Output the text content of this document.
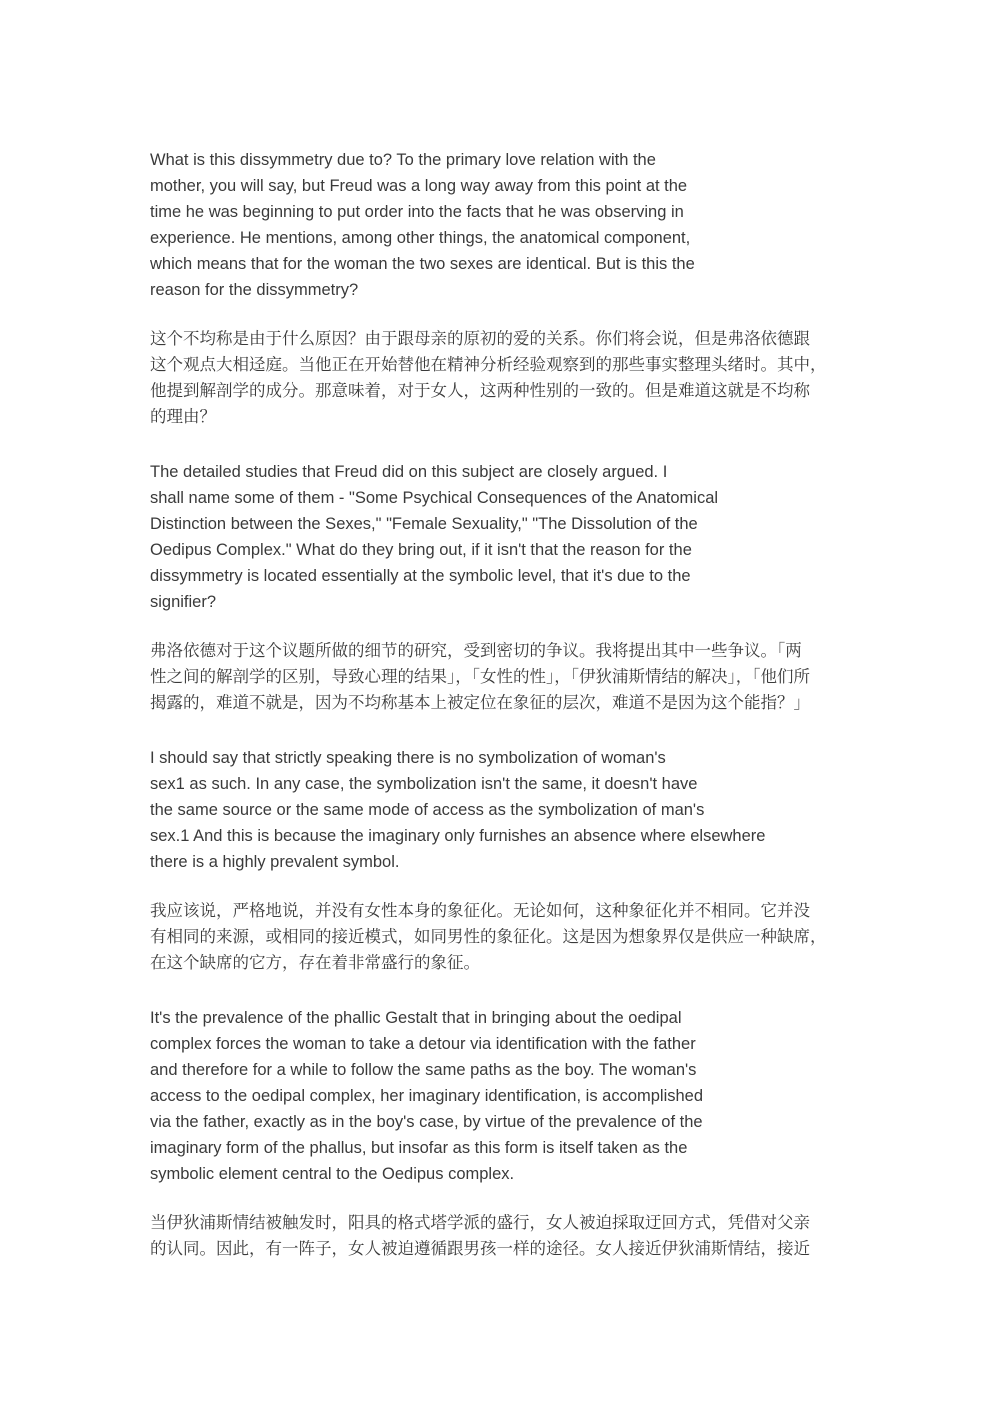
What is this dissymmetry due to? To the primary love relation with the
mother, you will say, but Freud was a long way away from this point at the
time he was beginning to put order into the facts that he was observing in
experience. He mentions, among other things, the anatomical component,
which means that for the woman the two sexes are identical. But is this the
reason for the dissymmetry?
这个不均称是由于什么原因？由于跟母亲的原初的爱的关系。你们将会说，但是弗洛依德跟
这个观点大相迳庭。当他正在开始替他在精神分析经验观察到的那些事实整理头绪时。其中，
他提到解剖学的成分。那意味着，对于女人，这两种性别的一致的。但是难道这就是不均称
的理由？
The detailed studies that Freud did on this subject are closely argued. I
shall name some of them - "Some Psychical Consequences of the Anatomical
Distinction between the Sexes," "Female Sexuality," "The Dissolution of the
Oedipus Complex." What do they bring out, if it isn't that the reason for the
dissymmetry is located essentially at the symbolic level, that it's due to the
signifier?
弗洛依德对于这个议题所做的细节的研究，受到密切的争议。我将提出其中一些争议。「两
性之间的解剖学的区别，导致心理的结果」，「女性的性」，「伊狄浦斯情结的解决」，「他们所
揭露的，难道不就是，因为不均称基本上被定位在象征的层次，难道不是因为这个能指？」
I should say that strictly speaking there is no symbolization of woman's
sex1 as such. In any case, the symbolization isn't the same, it doesn't have
the same source or the same mode of access as the symbolization of man's
sex.1 And this is because the imaginary only furnishes an absence where elsewhere
there is a highly prevalent symbol.
我应该说，严格地说，并没有女性本身的象征化。无论如何，这种象征化并不相同。它并没
有相同的来源，或相同的接近模式，如同男性的象征化。这是因为想象界仅是供应一种缺席，
在这个缺席的它方，存在着非常盛行的象征。
It's the prevalence of the phallic Gestalt that in bringing about the oedipal
complex forces the woman to take a detour via identification with the father
and therefore for a while to follow the same paths as the boy. The woman's
access to the oedipal complex, her imaginary identification, is accomplished
via the father, exactly as in the boy's case, by virtue of the prevalence of the
imaginary form of the phallus, but insofar as this form is itself taken as the
symbolic element central to the Oedipus complex.
当伊狄浦斯情结被触发时，阳具的格式塔学派的盛行，女人被迫採取迂回方式，凭借对父亲
的认同。因此，有一阵子，女人被迫遵循跟男孩一样的途径。女人接近伊狄浦斯情结，接近
